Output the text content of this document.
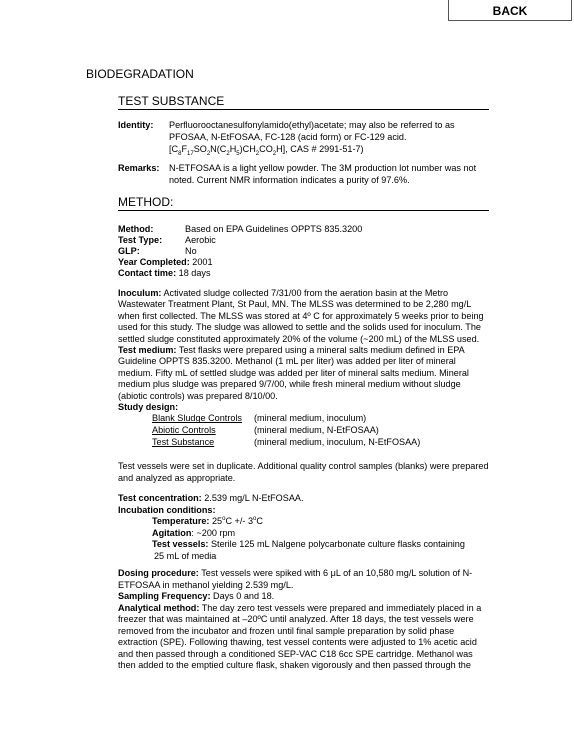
BACK
BIODEGRADATION
TEST SUBSTANCE
Identity: Perfluorooctanesulfonylamido(ethyl)acetate; may also be referred to as
PFOSAA, N-EtFOSAA, FC-128 (acid form) or FC-129 acid.
$[C_8F_{17}SO_2N(C_2H_5)CH_2CO_2H]$, CAS # 2991-51-7)
Remarks: N-ETFOSAA is a light yellow powder. The 3M production lot number was not
noted. Current NMR information indicates a purity of 97.6%.
METHOD:
Method:	Based on EPA Guidelines OPPTS 835.3200
Test Type:	Aerobic
GLP:	No
Year Completed: 2001
Contact time: 18 days
Inoculum: Activated sludge collected 7/31/00 from the aeration basin at the Metro Wastewater Treatment Plant, St Paul, MN. The MLSS was determined to be 2,280 mg/L when first collected. The MLSS was stored at 4º C for approximately 5 weeks prior to being used for this study. The sludge was allowed to settle and the solids used for inoculum. The settled sludge constituted approximately 20% of the volume (~200 mL) of the MLSS used.
Test medium: Test flasks were prepared using a mineral salts medium defined in EPA Guideline OPPTS 835.3200. Methanol (1 mL per liter) was added per liter of mineral medium. Fifty mL of settled sludge was added per liter of mineral salts medium. Mineral medium plus sludge was prepared 9/7/00, while fresh mineral medium without sludge (abiotic controls) was prepared 8/10/00.
Study design:
Blank Sludge Controls (mineral medium, inoculum)
Abiotic Controls	(mineral medium, N-EtFOSAA)
Test Substance	(mineral medium, inoculum, N-EtFOSAA)
Test vessels were set in duplicate. Additional quality control samples (blanks) were prepared and analyzed as appropriate.
Test concentration: 2.539 mg/L N-EtFOSAA.
Incubation conditions:
Temperature: $25^oC$ +/- 3$^o$C
Agitation: ~200 rpm
Test vessels: Sterile 125 mL Nalgene polycarbonate culture flasks containing
25 mL of media
Dosing procedure: Test vessels were spiked with 6 μL of an 10,580 mg/L solution of N-ETFOSAA in methanol yielding 2.539 mg/L.
Sampling Frequency: Days 0 and 18.
Analytical method: The day zero test vessels were prepared and immediately placed in a freezer that was maintained at –20ºC until analyzed. After 18 days, the test vessels were removed from the incubator and frozen until final sample preparation by solid phase extraction (SPE). Following thawing, test vessel contents were adjusted to 1% acetic acid and then passed through a conditioned SEP-VAC C18 6cc SPE cartridge. Methanol was then added to the emptied culture flask, shaken vigorously and then passed through the
